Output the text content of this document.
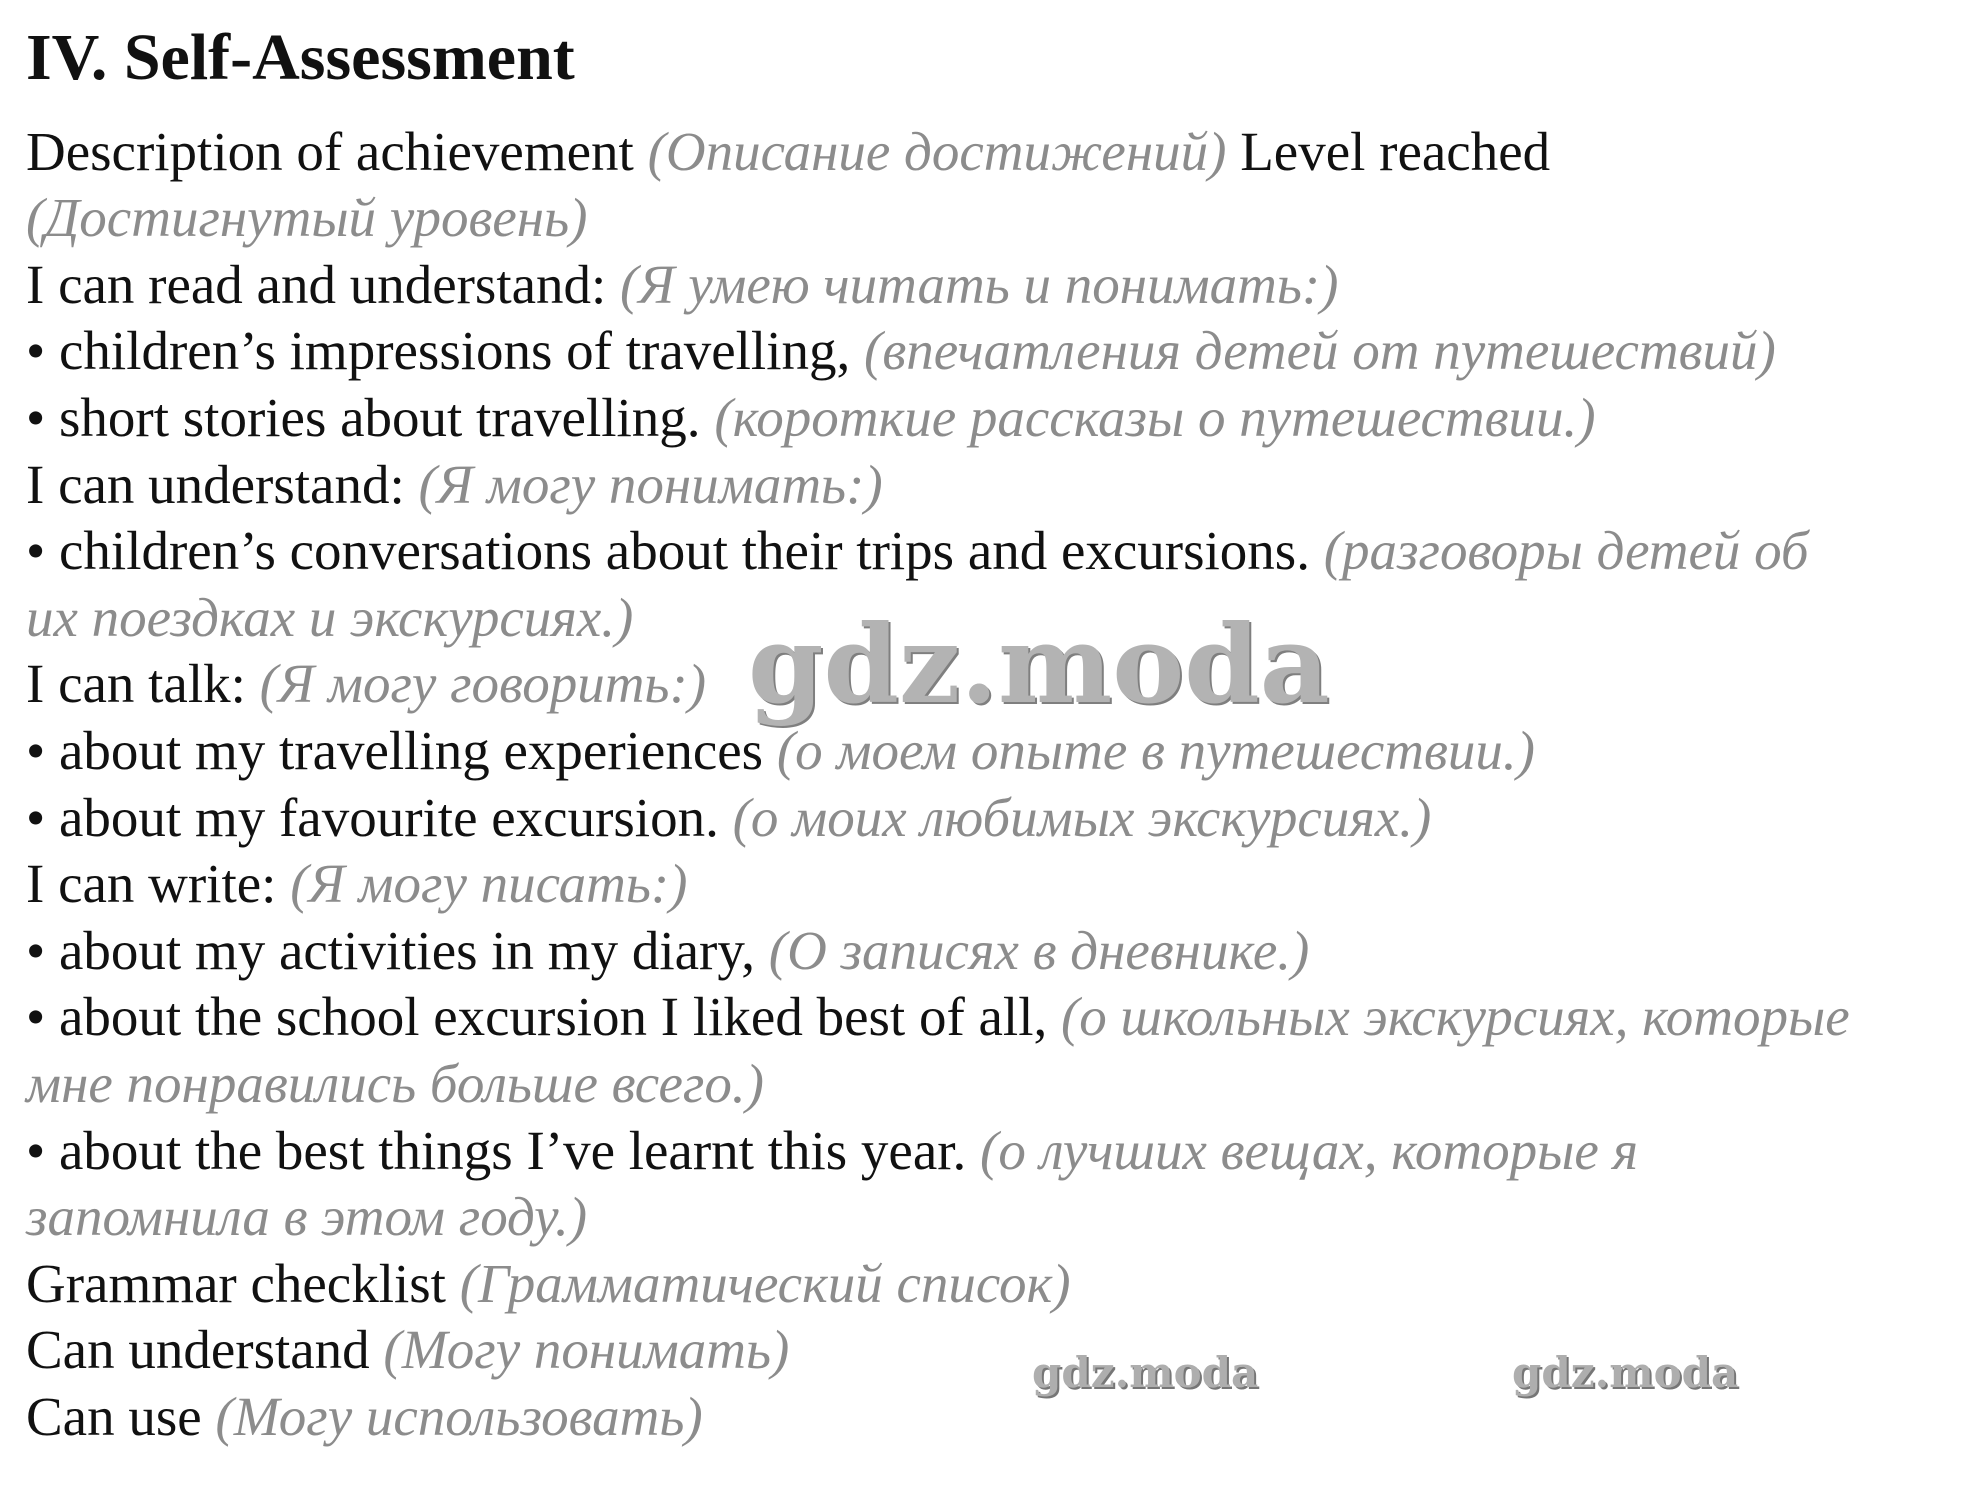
IV. Self-Assessment
Description of achievement (Описание достижений) Level reached
(Достигнутый уровень)
I can read and understand: (Я умею читать и понимать:)
• children’s impressions of travelling, (впечатления детей от путешествий)
• short stories about travelling. (короткие рассказы о путешествии.)
I can understand: (Я могу понимать:)
• children’s conversations about their trips and excursions. (разговоры детей об
их поездках и экскурсиях.)
I can talk: (Я могу говорить:)
• about my travelling experiences (о моем опыте в путешествии.)
• about my favourite excursion. (о моих любимых экскурсиях.)
I can write: (Я могу писать:)
• about my activities in my diary, (О записях в дневнике.)
• about the school excursion I liked best of all, (о школьных экскурсиях, которые
мне понравились больше всего.)
• about the best things I’ve learnt this year. (о лучших вещах, которые я
запомнила в этом году.)
Grammar checklist (Грамматический список)
Can understand (Могу понимать)
Can use (Могу использовать)
gdz.moda
gdz.moda	gdz.moda
